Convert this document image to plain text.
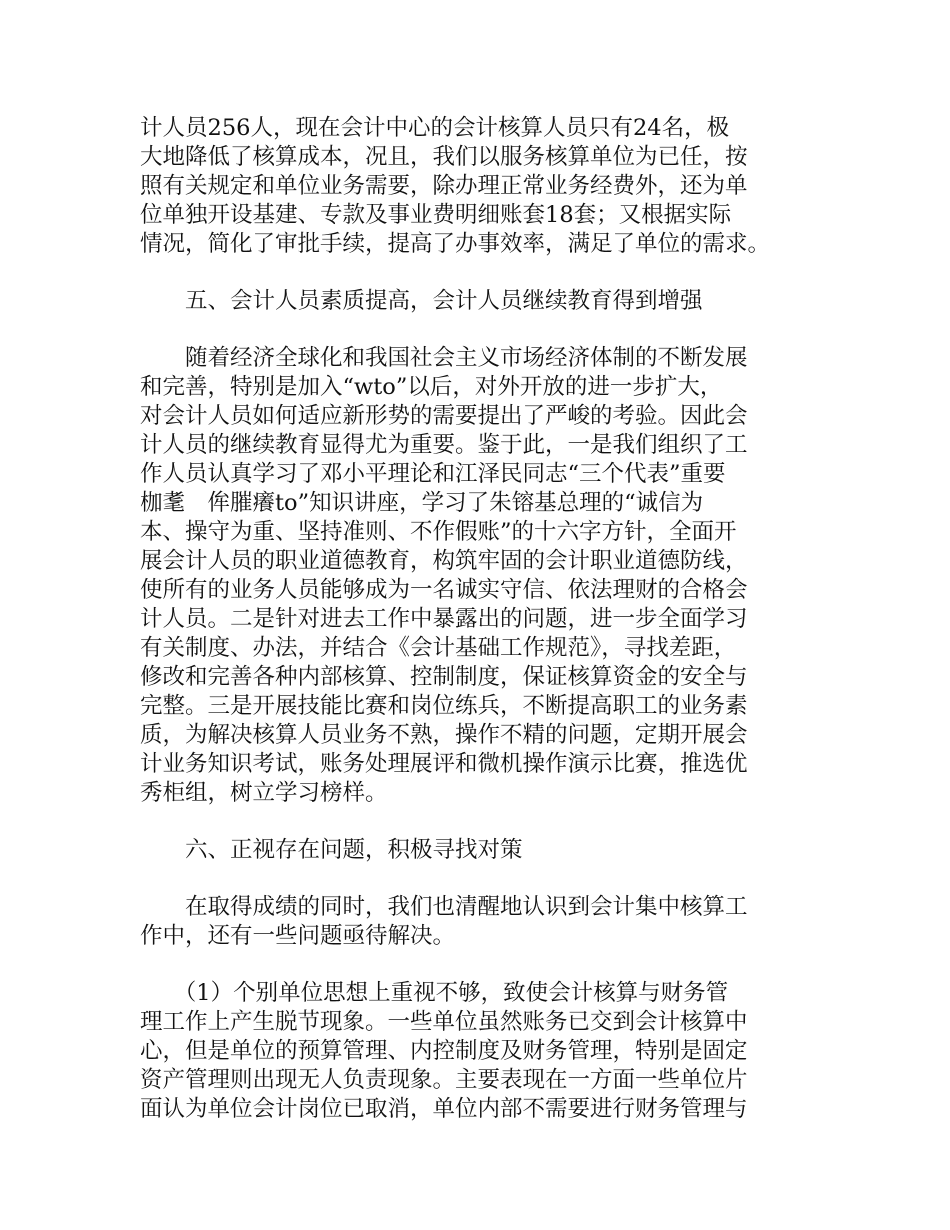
计人员256人，现在会计中心的会计核算人员只有24名，极
大地降低了核算成本，况且，我们以服务核算单位为已任，按
照有关规定和单位业务需要，除办理正常业务经费外，还为单
位单独开设基建、专款及事业费明细账套18套；又根据实际
情况，简化了审批手续，提高了办事效率，满足了单位的需求。
　　五、会计人员素质提高，会计人员继续教育得到增强
　　随着经济全球化和我国社会主义市场经济体制的不断发展
和完善，特别是加入“wto”以后，对外开放的进一步扩大，
对会计人员如何适应新形势的需要提出了严峻的考验。因此会
计人员的继续教育显得尤为重要。鉴于此，一是我们组织了工
作人员认真学习了邓小平理论和江泽民同志“三个代表”重要
枷耄　侔膗癢to”知识讲座，学习了朱镕基总理的“诚信为
本、操守为重、坚持准则、不作假账”的十六字方针，全面开
展会计人员的职业道德教育，构筑牢固的会计职业道德防线，
使所有的业务人员能够成为一名诚实守信、依法理财的合格会
计人员。二是针对进去工作中暴露出的问题，进一步全面学习
有关制度、办法，并结合《会计基础工作规范》，寻找差距，
修改和完善各种内部核算、控制制度，保证核算资金的安全与
完整。三是开展技能比赛和岗位练兵，不断提高职工的业务素
质，为解决核算人员业务不熟，操作不精的问题，定期开展会
计业务知识考试，账务处理展评和微机操作演示比赛，推选优
秀柜组，树立学习榜样。
　　六、正视存在问题，积极寻找对策
　　在取得成绩的同时，我们也清醒地认识到会计集中核算工
作中，还有一些问题亟待解决。
　　（1）个别单位思想上重视不够，致使会计核算与财务管
理工作上产生脱节现象。一些单位虽然账务已交到会计核算中
心，但是单位的预算管理、内控制度及财务管理，特别是固定
资产管理则出现无人负责现象。主要表现在一方面一些单位片
面认为单位会计岗位已取消，单位内部不需要进行财务管理与
